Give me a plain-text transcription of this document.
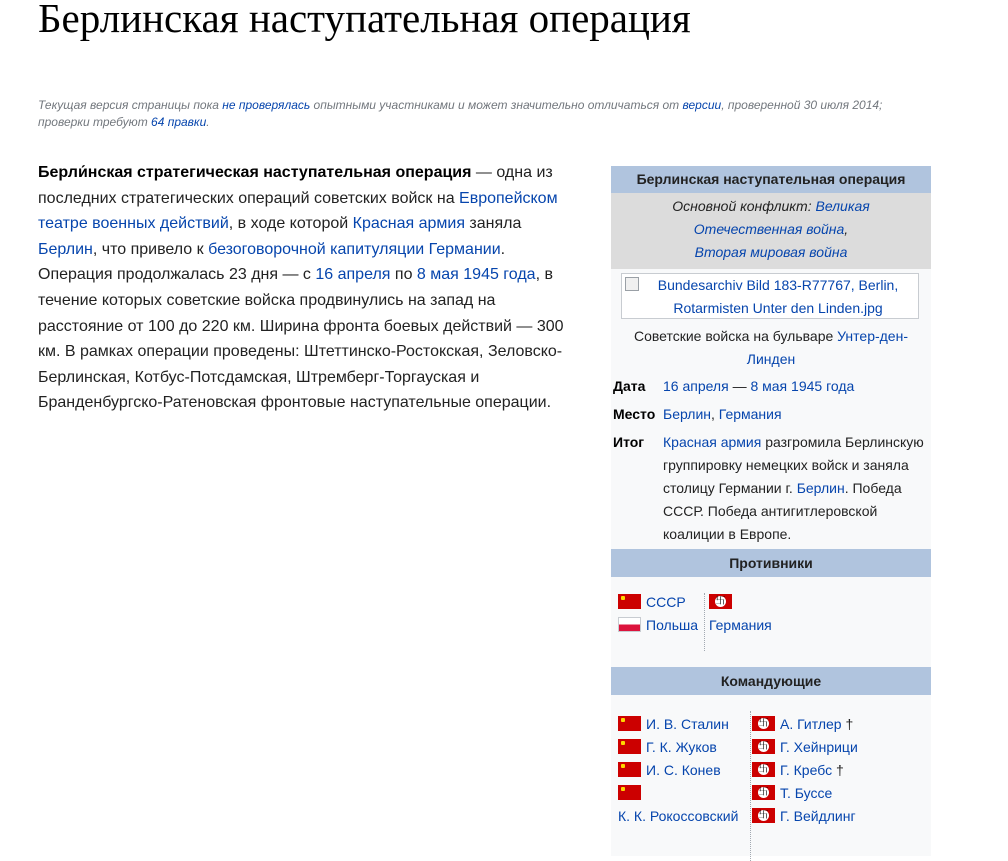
Берлинская наступательная операция
Текущая версия страницы пока не проверялась опытными участниками и может значительно отличаться от версии, проверенной 30 июля 2014; проверки требуют 64 правки.

Берли́нская стратегическая наступательная операция — одна из последних стратегических операций советских войск на Европейском театре военных действий, в ходе которой Красная армия заняла Берлин, что привело к безоговорочной капитуляции Германии. Операция продолжалась 23 дня — с 16 апреля по 8 мая 1945 года, в течение которых советские войска продвинулись на запад на расстояние от 100 до 220 км. Ширина фронта боевых действий — 300 км. В рамках операции проведены: Штеттинско-Ростокская, Зеловско-Берлинская, Котбус-Потсдамская, Штремберг-Торгауская и Бранденбургско-Ратеновская фронтовые наступательные операции.

Берлинская наступательная операция
Основной конфликт: Великая Отечественная война,
Вторая мировая война
Bundesarchiv Bild 183-R77767, Berlin, Rotarmisten Unter den Linden.jpg
Советские войска на бульваре Унтер-ден-Линден
Дата 16 апреля — 8 мая 1945 года
Место Берлин, Германия
Итог Красная армия разгромила Берлинскую группировку немецких войск и заняла столицу Германии г. Берлин. Победа СССР. Победа антигитлеровской коалиции в Европе.
Противники
СССР
Польша
卐 Германия
Командующие
И. В. Сталин
Г. К. Жуков
И. С. Конев
К. К. Рокоссовский
卐А. Гитлер †
卐Г. Хейнрици
卐Г. Кребс †
卐Т. Буссе
卐Г. Вейдлинг
